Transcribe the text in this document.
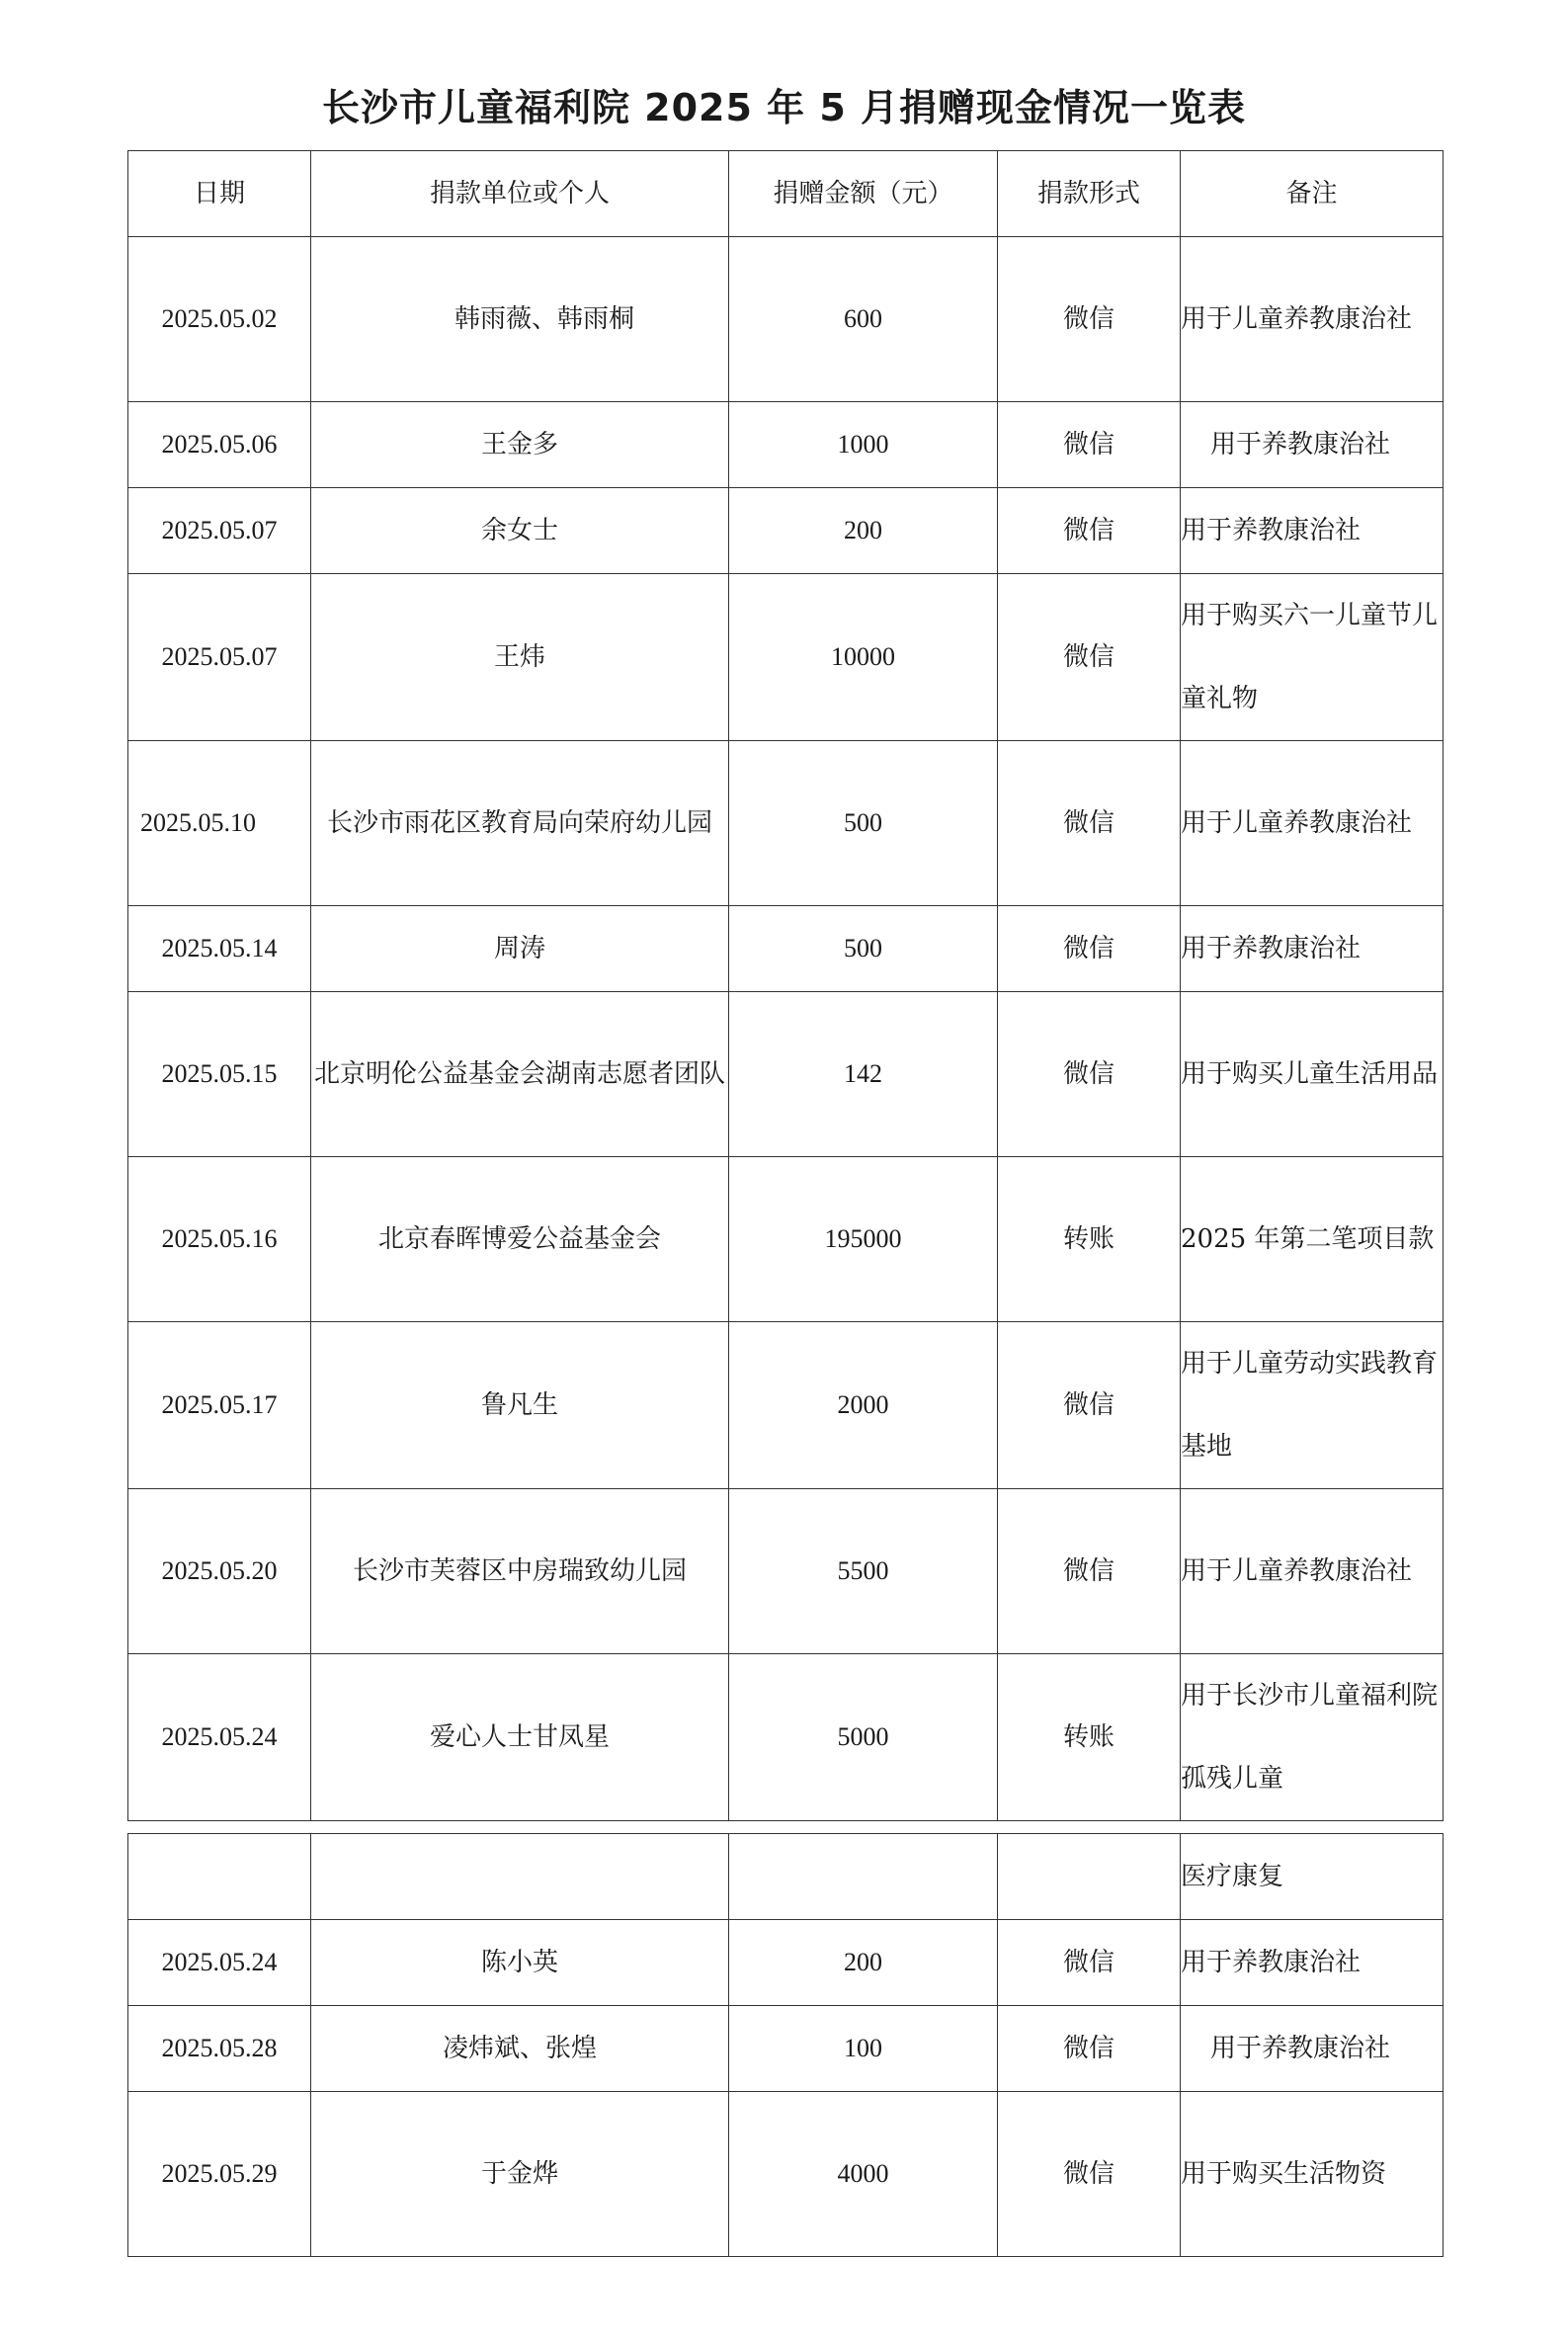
长沙市儿童福利院 2025 年 5 月捐赠现金情况一览表
日期	捐款单位或个人	捐赠金额（元）	捐款形式	备注
2025.05.02	韩雨薇、韩雨桐	600	微信	用于儿童养教康治社
2025.05.06	王金多	1000	微信	用于养教康治社
2025.05.07	余女士	200	微信	用于养教康治社
2025.05.07	王炜	10000	微信	用于购买六一儿童节儿童礼物
2025.05.10	长沙市雨花区教育局向荣府幼儿园	500	微信	用于儿童养教康治社
2025.05.14	周涛	500	微信	用于养教康治社
2025.05.15	北京明伦公益基金会湖南志愿者团队	142	微信	用于购买儿童生活用品
2025.05.16	北京春晖博爱公益基金会	195000	转账	2025 年第二笔项目款
2025.05.17	鲁凡生	2000	微信	用于儿童劳动实践教育基地
2025.05.20	长沙市芙蓉区中房瑞致幼儿园	5500	微信	用于儿童养教康治社
2025.05.24	爱心人士甘凤星	5000	转账	用于长沙市儿童福利院孤残儿童
				医疗康复
2025.05.24	陈小英	200	微信	用于养教康治社
2025.05.28	凌炜斌、张煌	100	微信	用于养教康治社
2025.05.29	于金烨	4000	微信	用于购买生活物资
